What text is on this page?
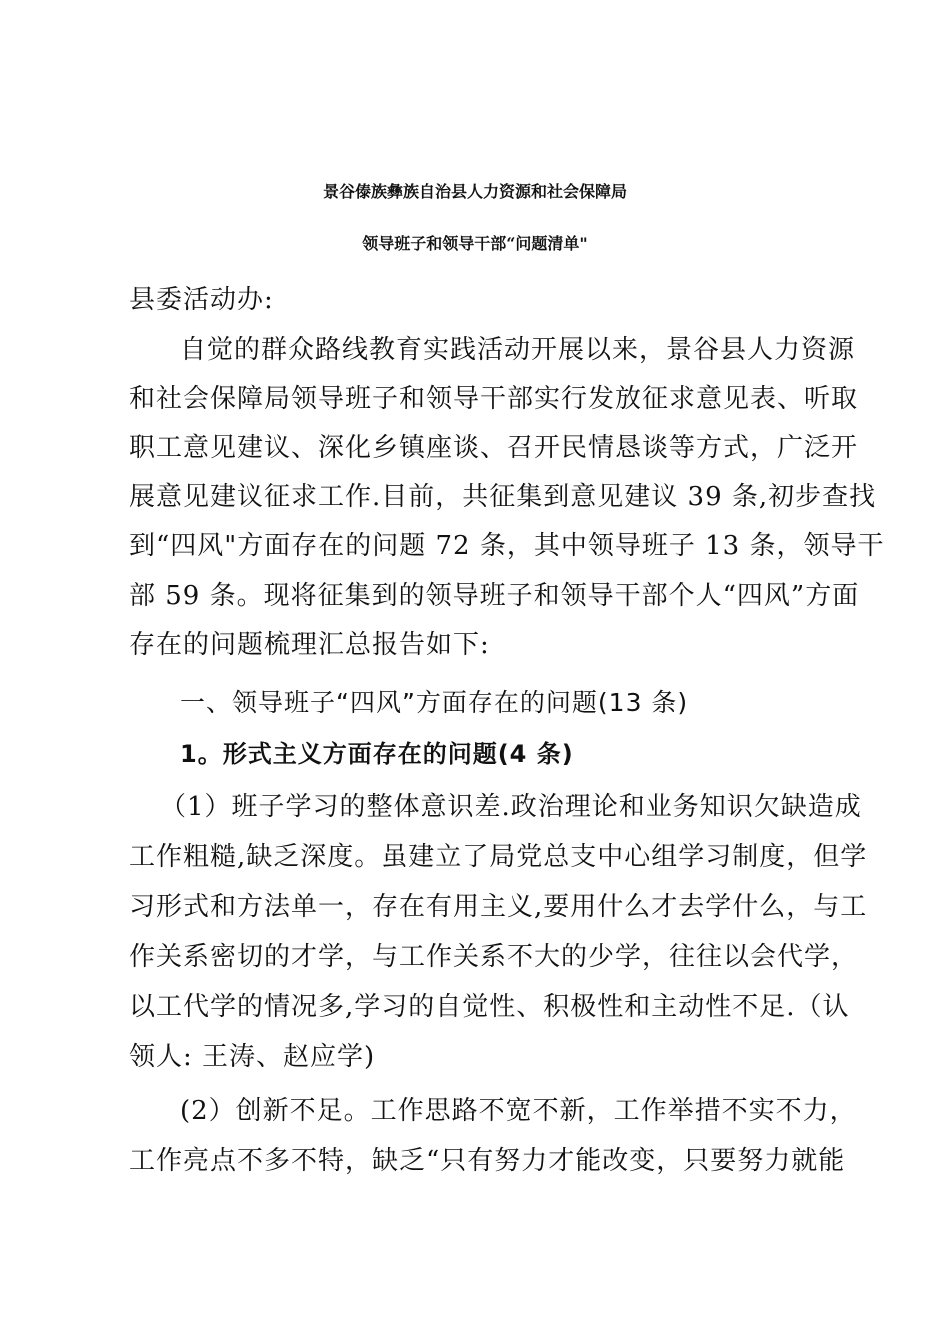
景谷傣族彝族自治县人力资源和社会保障局
领导班子和领导干部“问题清单"
县委活动办:
自觉的群众路线教育实践活动开展以来，景谷县人力资源
和社会保障局领导班子和领导干部实行发放征求意见表、听取
职工意见建议、深化乡镇座谈、召开民情恳谈等方式，广泛开
展意见建议征求工作.目前，共征集到意见建议 39 条,初步查找
到“四风"方面存在的问题 72 条，其中领导班子 13 条，领导干
部 59 条。现将征集到的领导班子和领导干部个人“四风”方面
存在的问题梳理汇总报告如下:
一、领导班子“四风”方面存在的问题(13 条)
1。形式主义方面存在的问题(4 条)
（1）班子学习的整体意识差.政治理论和业务知识欠缺造成
工作粗糙,缺乏深度。虽建立了局党总支中心组学习制度，但学
习形式和方法单一，存在有用主义,要用什么才去学什么，与工
作关系密切的才学，与工作关系不大的少学，往往以会代学，
以工代学的情况多,学习的自觉性、积极性和主动性不足.（认
领人: 王涛、赵应学)
(2）创新不足。工作思路不宽不新，工作举措不实不力，
工作亮点不多不特，缺乏“只有努力才能改变，只要努力就能
